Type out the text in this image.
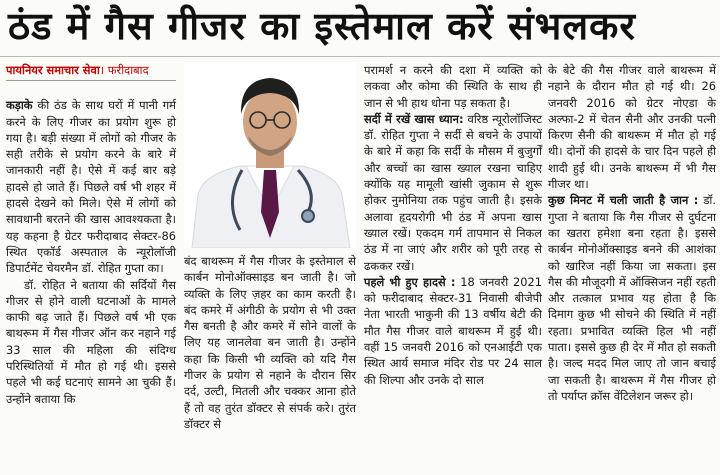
ठंड में गैस गीजर का इस्तेमाल करें संभलकर
पायनियर समाचार सेवा। फरीदाबाद

कड़ाके की ठंड के साथ घरों में पानी गर्म करने के लिए गीजर का प्रयोग शुरू हो गया है। बड़ी संख्या में लोगों को गीजर के सही तरीके से प्रयोग करने के बारे में जानकारी नहीं है। ऐसे में कई बार बड़े हादसे हो जाते हैं। पिछले वर्ष भी शहर में हादसे देखने को मिले। ऐसे में लोगों को सावधानी बरतने की खास आवश्यकता है। यह कहना है ग्रेटर फरीदाबाद सेक्टर-86 स्थित एकॉर्ड अस्पताल के न्यूरोलॉजी डिपार्टमेंट चेयरमैन डॉ. रोहित गुप्ता का।

डॉ. रोहित ने बताया की सर्दियों गैस गीजर से होने वाली घटनाओं के मामले काफी बढ़ जाते हैं। पिछले वर्ष भी एक बाथरूम में गैस गीजर ऑन कर नहाने गई 33 साल की महिला की संदिग्ध परिस्थितियों में मौत हो गई थी। इससे पहले भी कई घटनाएं सामने आ चुकी हैं। उन्होंने बताया कि

बंद बाथरूम में गैस गीजर के इस्तेमाल से कार्बन मोनोऑक्साइड बन जाती है। जो व्यक्ति के लिए ज़हर का काम करती है। बंद कमरे में अंगीठी के प्रयोग से भी उक्त गैस बनती है और कमरे में सोने वालों के लिए यह जानलेवा बन जाती है। उन्होंने कहा कि किसी भी व्यक्ति को यदि गैस गीजर के प्रयोग से नहाने के दौरान सिर दर्द, उल्टी, मितली और चक्कर आना होते हैं तो वह तुरंत डॉक्टर से संपर्क करे। तुरंत डॉक्टर से

परामर्श न करने की दशा में व्यक्ति को लकवा और कोमा की स्थिति के साथ ही जान से भी हाथ धोना पड़ सकता है।

सर्दी में रखें खास ध्यान: वरिष्ठ न्यूरोलॉजिस्ट डॉ. रोहित गुप्ता ने सर्दी से बचने के उपायों के बारे में कहा कि सर्दी के मौसम में बुजुर्गों और बच्चों का खास ख्याल रखना चाहिए क्योंकि यह मामूली खांसी जुकाम से शुरू होकर नुमोनिया तक पहुंच जाती है। इसके अलावा हृदयरोगी भी ठंड में अपना खास ख्याल रखें। एकदम गर्म तापमान से निकल ठंड में ना जाएं और शरीर को पूरी तरह से ढककर रखें।

पहले भी हुए हादसे : 18 जनवरी 2021 को फरीदाबाद सेक्टर-31 निवासी बीजेपी नेता भारती भाकुनी की 13 वर्षीय बेटी की मौत गैस गीजर वाले बाथरूम में हुई थी। वहीं 15 जनवरी 2016 को एनआईटी एक स्थित आर्य समाज मंदिर रोड पर 24 साल की शिल्पा और उनके दो साल

के बेटे की गैस गीजर वाले बाथरूम में नहाने के दौरान मौत हो गई थी। 26 जनवरी 2016 को ग्रेटर नोएडा के अल्फा-2 में चेतन सैनी और उनकी पत्नी किरण सैनी की बाथरूम में मौत हो गई थी। दोनों की हादसे के चार दिन पहले ही शादी हुई थी। उनके बाथरूम में भी गैस गीजर था।

कुछ मिनट में चली जाती है जान : डॉ. गुप्ता ने बताया कि गैस गीजर से दुर्घटना का खतरा हमेशा बना रहता है। इससे कार्बन मोनोऑक्साइड बनने की आशंका को खारिज नहीं किया जा सकता। इस गैस की मौजूदगी में ऑक्सिजन नहीं रहती और तत्काल प्रभाव यह होता है कि दिमाग कुछ भी सोचने की स्थिति में नहीं रहता। प्रभावित व्यक्ति हिल भी नहीं पाता। इससे कुछ ही देर में मौत हो सकती है। जल्द मदद मिल जाए तो जान बचाई जा सकती है। बाथरूम में गैस गीजर हो तो पर्याप्त क्रॉस वेंटिलेशन जरूर हो।
